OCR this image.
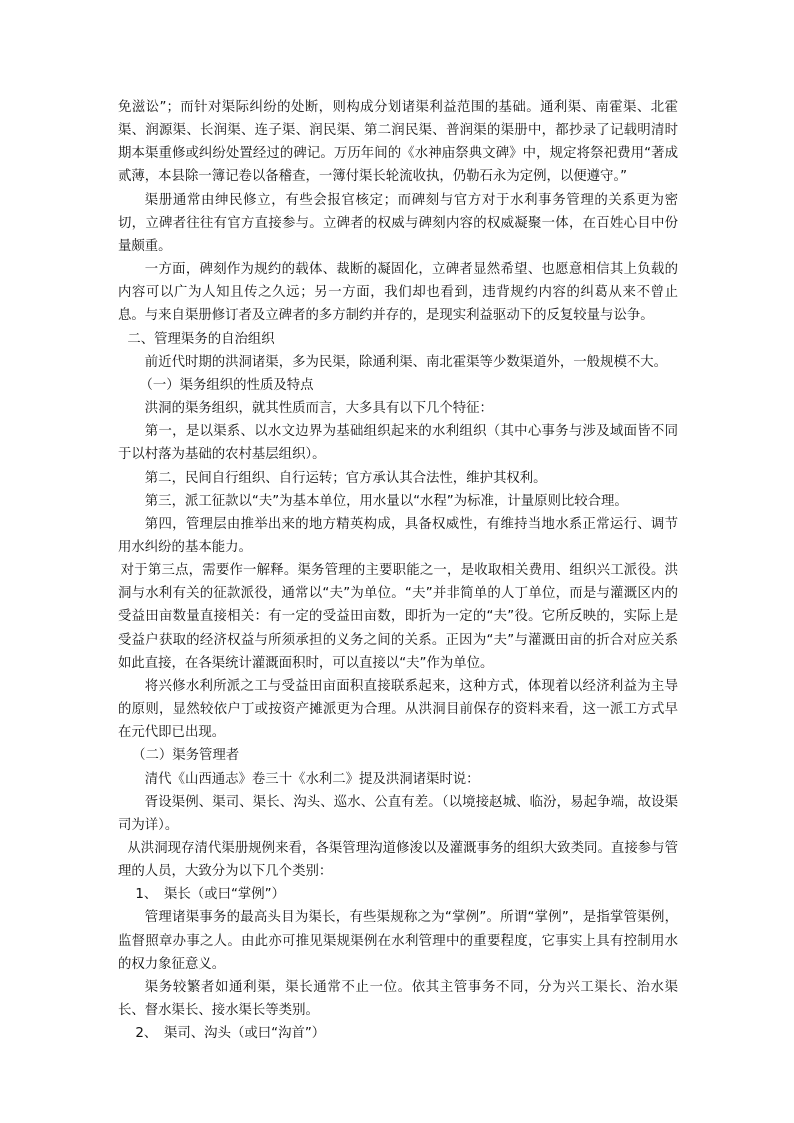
免滋讼”；而针对渠际纠纷的处断，则构成分划诸渠利益范围的基础。通利渠、南霍渠、北霍渠、润源渠、长润渠、连子渠、润民渠、第二润民渠、普润渠的渠册中，都抄录了记载明清时期本渠重修或纠纷处置经过的碑记。万历年间的《水神庙祭典文碑》中，规定将祭祀费用“著成贰薄，本县除一簿记卷以备稽查，一簿付渠长轮流收执，仍勒石永为定例，以便遵守。”

渠册通常由绅民修立，有些会报官核定；而碑刻与官方对于水利事务管理的关系更为密切，立碑者往往有官方直接参与。立碑者的权威与碑刻内容的权威凝聚一体，在百姓心目中份量颇重。

一方面，碑刻作为规约的载体、裁断的凝固化，立碑者显然希望、也愿意相信其上负载的内容可以广为人知且传之久远；另一方面，我们却也看到，违背规约内容的纠葛从来不曾止息。与来自渠册修订者及立碑者的多方制约并存的，是现实利益驱动下的反复较量与讼争。

二、管理渠务的自治组织

前近代时期的洪洞诸渠，多为民渠，除通利渠、南北霍渠等少数渠道外，一般规模不大。

（一）渠务组织的性质及特点

洪洞的渠务组织，就其性质而言，大多具有以下几个特征：

第一，是以渠系、以水文边界为基础组织起来的水利组织（其中心事务与涉及域面皆不同于以村落为基础的农村基层组织）。

第二，民间自行组织、自行运转；官方承认其合法性，维护其权利。

第三，派工征款以“夫”为基本单位，用水量以“水程”为标准，计量原则比较合理。

第四，管理层由推举出来的地方精英构成，具备权威性，有维持当地水系正常运行、调节用水纠纷的基本能力。

对于第三点，需要作一解释。渠务管理的主要职能之一，是收取相关费用、组织兴工派役。洪洞与水利有关的征款派役，通常以“夫”为单位。“夫”并非简单的人丁单位，而是与灌溉区内的受益田亩数量直接相关：有一定的受益田亩数，即折为一定的“夫”役。它所反映的，实际上是受益户获取的经济权益与所须承担的义务之间的关系。正因为“夫”与灌溉田亩的折合对应关系如此直接，在各渠统计灌溉面积时，可以直接以“夫”作为单位。

将兴修水利所派之工与受益田亩面积直接联系起来，这种方式，体现着以经济利益为主导的原则，显然较依户丁或按资产摊派更为合理。从洪洞目前保存的资料来看，这一派工方式早在元代即已出现。

（二）渠务管理者

清代《山西通志》卷三十《水利二》提及洪洞诸渠时说：

胥设渠例、渠司、渠长、沟头、巡水、公直有差。（以境接赵城、临汾，易起争端，故设渠司为详）。

从洪洞现存清代渠册规例来看，各渠管理沟道修浚以及灌溉事务的组织大致类同。直接参与管理的人员，大致分为以下几个类别：

1、　渠长（或曰“掌例”）

管理诸渠事务的最高头目为渠长，有些渠规称之为“掌例”。所谓“掌例”，是指掌管渠例，监督照章办事之人。由此亦可推见渠规渠例在水利管理中的重要程度，它事实上具有控制用水的权力象征意义。

渠务较繁者如通利渠，渠长通常不止一位。依其主管事务不同，分为兴工渠长、治水渠长、督水渠长、接水渠长等类别。

2、　渠司、沟头（或曰“沟首”）
